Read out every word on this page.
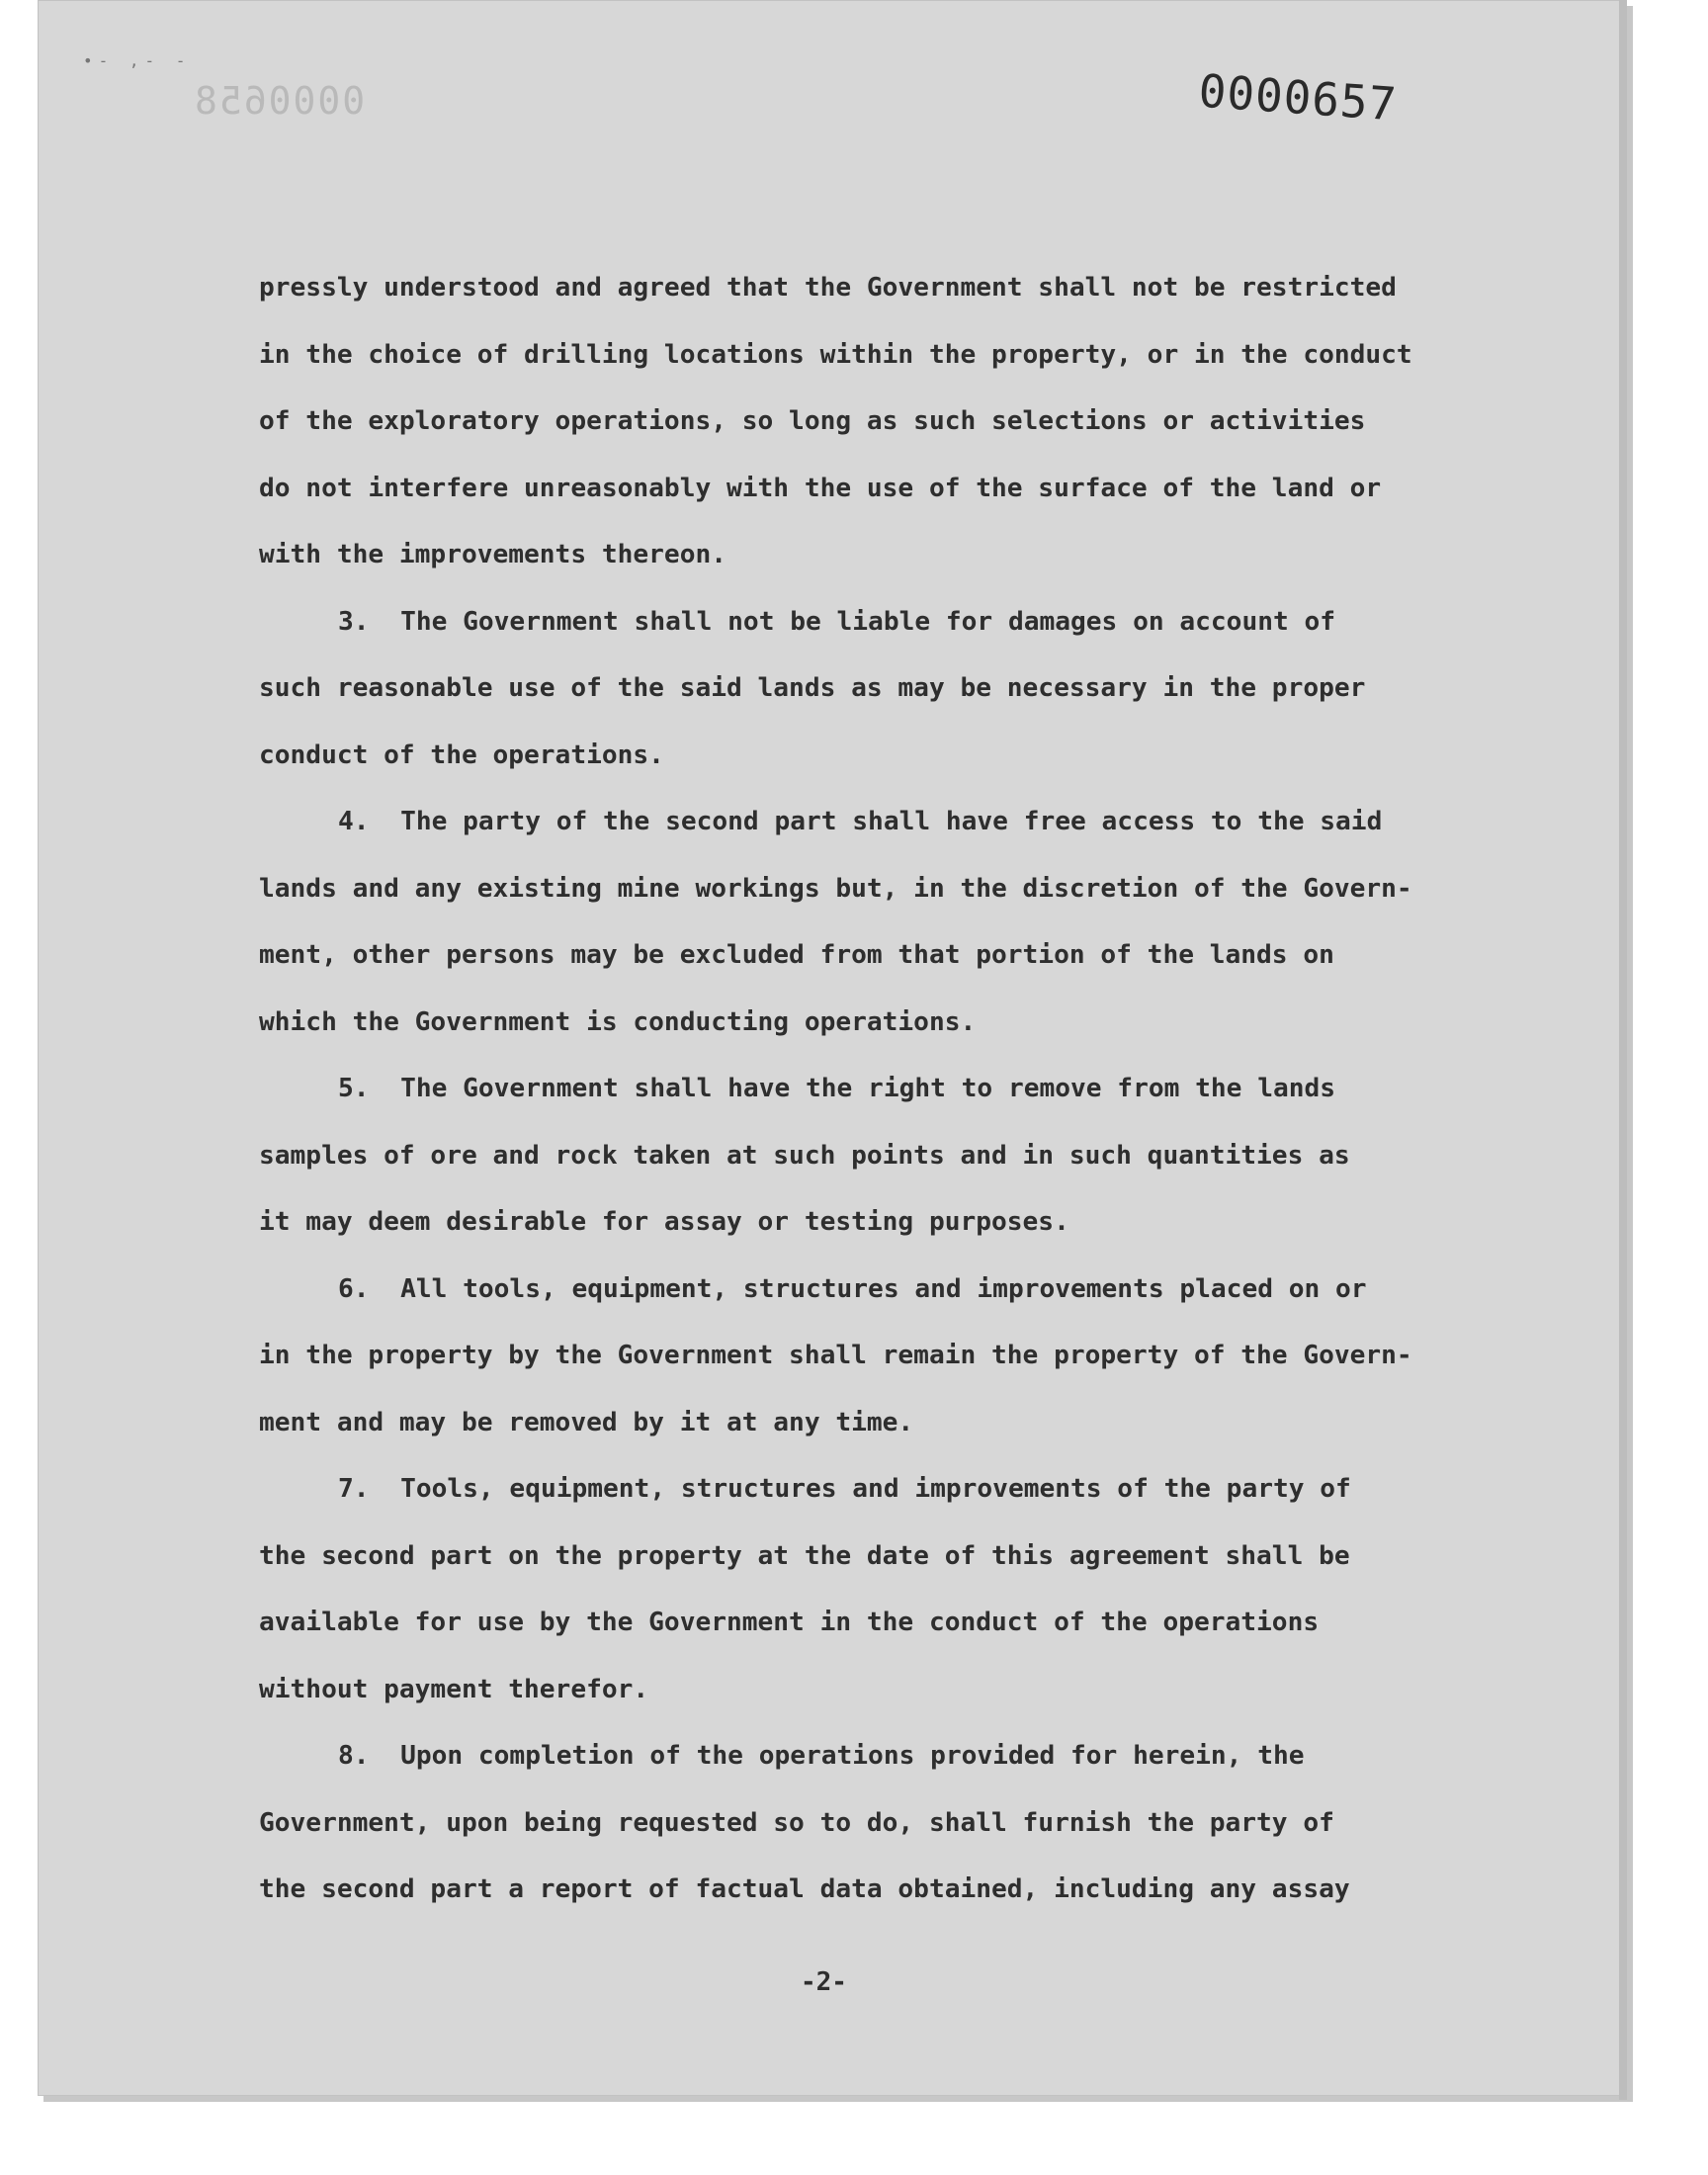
•- ,- -
0000658	0000657
pressly understood and agreed that the Government shall not be restricted
in the choice of drilling locations within the property, or in the conduct
of the exploratory operations, so long as such selections or activities
do not interfere unreasonably with the use of the surface of the land or
with the improvements thereon.
3.  The Government shall not be liable for damages on account of
such reasonable use of the said lands as may be necessary in the proper
conduct of the operations.
4.  The party of the second part shall have free access to the said
lands and any existing mine workings but, in the discretion of the Govern-
ment, other persons may be excluded from that portion of the lands on
which the Government is conducting operations.
5.  The Government shall have the right to remove from the lands
samples of ore and rock taken at such points and in such quantities as
it may deem desirable for assay or testing purposes.
6.  All tools, equipment, structures and improvements placed on or
in the property by the Government shall remain the property of the Govern-
ment and may be removed by it at any time.
7.  Tools, equipment, structures and improvements of the party of
the second part on the property at the date of this agreement shall be
available for use by the Government in the conduct of the operations
without payment therefor.
8.  Upon completion of the operations provided for herein, the
Government, upon being requested so to do, shall furnish the party of
the second part a report of factual data obtained, including any assay
-2-
